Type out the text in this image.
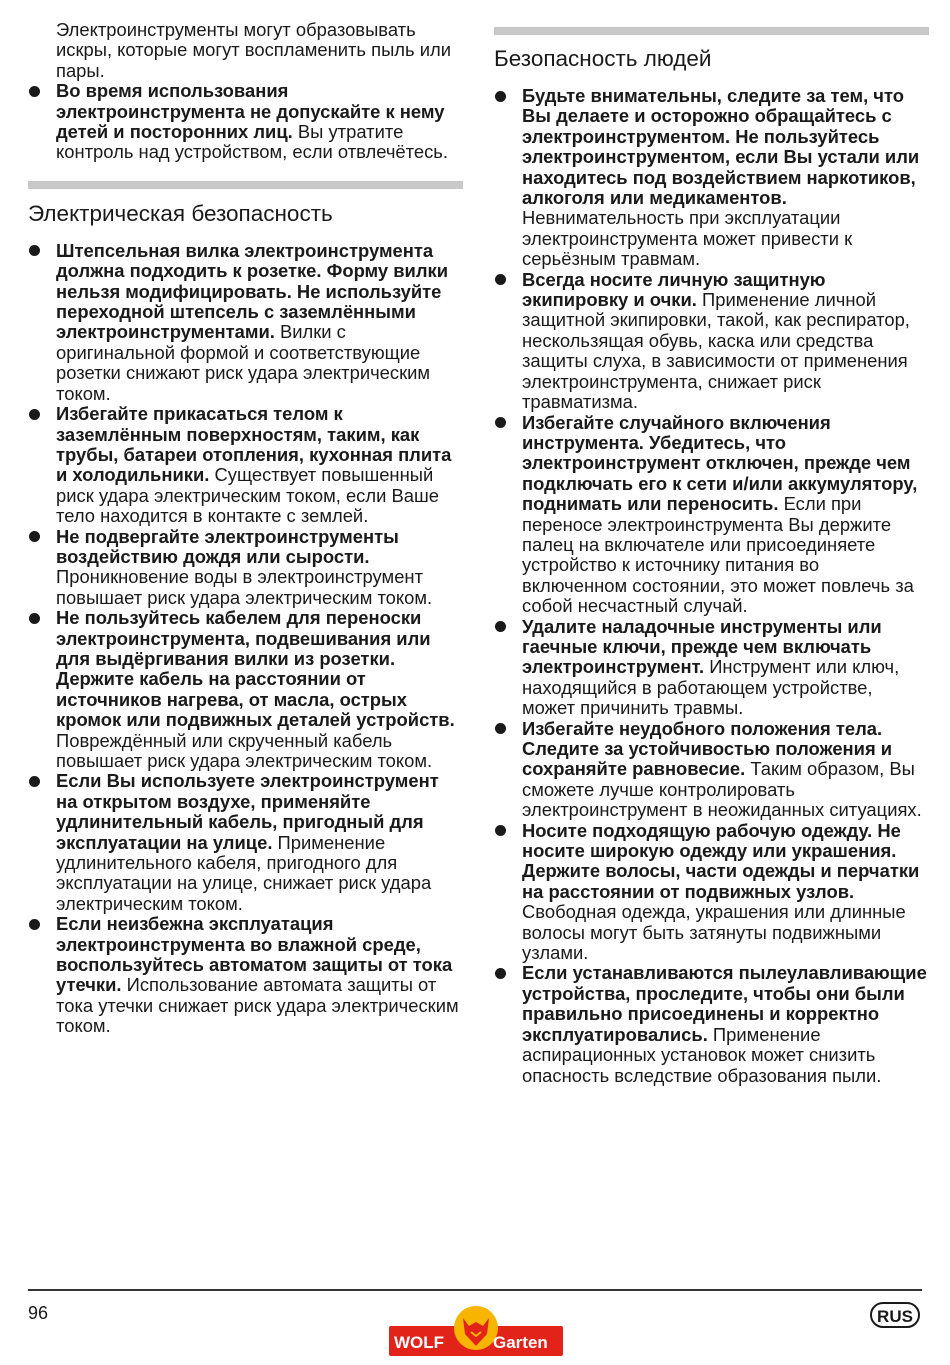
Электроинструменты могут образовывать искры, которые могут воспламенить пыль или пары.

Во время использования электроинструмента не допускайте к нему детей и посторонних лиц. Вы утратите контроль над устройством, если отвлечётесь.
Электрическая безопасность
Штепсельная вилка электроинструмента должна подходить к розетке. Форму вилки нельзя модифицировать. Не используйте переходной штепсель с заземлёнными электроинструментами. Вилки с оригинальной формой и соответствующие розетки снижают риск удара электрическим током.
Избегайте прикасаться телом к заземлённым поверхностям, таким, как трубы, батареи отопления, кухонная плита и холодильники. Существует повышенный риск удара электрическим током, если Ваше тело находится в контакте с землей.
Не подвергайте электроинструменты воздействию дождя или сырости. Проникновение воды в электроинструмент повышает риск удара электрическим током.
Не пользуйтесь кабелем для переноски электроинструмента, подвешивания или для выдёргивания вилки из розетки. Держите кабель на расстоянии от источников нагрева, от масла, острых кромок или подвижных деталей устройств. Повреждённый или скрученный кабель повышает риск удара электрическим током.
Если Вы используете электроинструмент на открытом воздухе, применяйте удлинительный кабель, пригодный для эксплуатации на улице. Применение удлинительного кабеля, пригодного для эксплуатации на улице, снижает риск удара электрическим током.
Если неизбежна эксплуатация электроинструмента во влажной среде, воспользуйтесь автоматом защиты от тока утечки. Использование автомата защиты от тока утечки снижает риск удара электрическим током.
Безопасность людей
Будьте внимательны, следите за тем, что Вы делаете и осторожно обращайтесь с электроинструментом. Не пользуйтесь электроинструментом, если Вы устали или находитесь под воздействием наркотиков, алкоголя или медикаментов. Невнимательность при эксплуатации электроинструмента может привести к серьёзным травмам.
Всегда носите личную защитную экипировку и очки. Применение личной защитной экипировки, такой, как респиратор, нескользящая обувь, каска или средства защиты слуха, в зависимости от применения электроинструмента, снижает риск травматизма.
Избегайте случайного включения инструмента. Убедитесь, что электроинструмент отключен, прежде чем подключать его к сети и/или аккумулятору, поднимать или переносить. Если при переносе электроинструмента Вы держите палец на включателе или присоединяете устройство к источнику питания во включенном состоянии, это может повлечь за собой несчастный случай.
Удалите наладочные инструменты или гаечные ключи, прежде чем включать электроинструмент. Инструмент или ключ, находящийся в работающем устройстве, может причинить травмы.
Избегайте неудобного положения тела. Следите за устойчивостью положения и сохраняйте равновесие. Таким образом, Вы сможете лучше контролировать электроинструмент в неожиданных ситуациях.
Носите подходящую рабочую одежду. Не носите широкую одежду или украшения. Держите волосы, части одежды и перчатки на расстоянии от подвижных узлов. Свободная одежда, украшения или длинные волосы могут быть затянуты подвижными узлами.
Если устанавливаются пылеулавливающие устройства, проследите, чтобы они были правильно присоединены и корректно эксплуатировались. Применение аспирационных установок может снизить опасность вследствие образования пыли.
96
WOLF	Garten
RUS
